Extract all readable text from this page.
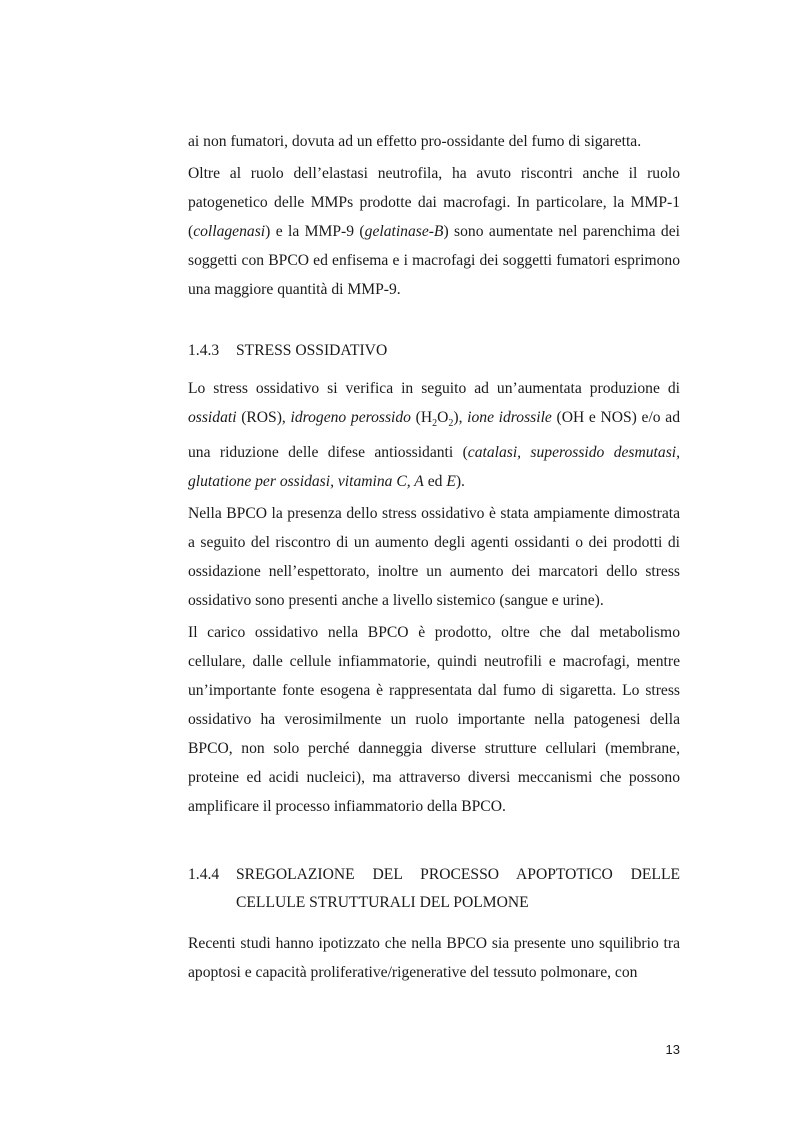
ai non fumatori, dovuta ad un effetto pro-ossidante del fumo di sigaretta.

Oltre al ruolo dell’elastasi neutrofila, ha avuto riscontri anche il ruolo patogenetico delle MMPs prodotte dai macrofagi. In particolare, la MMP-1 (collagenasi) e la MMP-9 (gelatinase-B) sono aumentate nel parenchima dei soggetti con BPCO ed enfisema e i macrofagi dei soggetti fumatori esprimono una maggiore quantità di MMP-9.

1.4.3 STRESS OSSIDATIVO

Lo stress ossidativo si verifica in seguito ad un’aumentata produzione di ossidati (ROS), idrogeno perossido $(H_2O_2)$, ione idrossile (OH e NOS) e/o ad una riduzione delle difese antiossidanti (catalasi, superossido desmutasi, glutatione per ossidasi, vitamina C, A ed E).

Nella BPCO la presenza dello stress ossidativo è stata ampiamente dimostrata a seguito del riscontro di un aumento degli agenti ossidanti o dei prodotti di ossidazione nell’espettorato, inoltre un aumento dei marcatori dello stress ossidativo sono presenti anche a livello sistemico (sangue e urine).

Il carico ossidativo nella BPCO è prodotto, oltre che dal metabolismo cellulare, dalle cellule infiammatorie, quindi neutrofili e macrofagi, mentre un’importante fonte esogena è rappresentata dal fumo di sigaretta. Lo stress ossidativo ha verosimilmente un ruolo importante nella patogenesi della BPCO, non solo perché danneggia diverse strutture cellulari (membrane, proteine ed acidi nucleici), ma attraverso diversi meccanismi che possono amplificare il processo infiammatorio della BPCO.

1.4.4	SREGOLAZIONE DEL PROCESSO APOPTOTICO DELLE
CELLULE STRUTTURALI DEL POLMONE

Recenti studi hanno ipotizzato che nella BPCO sia presente uno squilibrio tra apoptosi e capacità proliferative/rigenerative del tessuto polmonare, con

13
